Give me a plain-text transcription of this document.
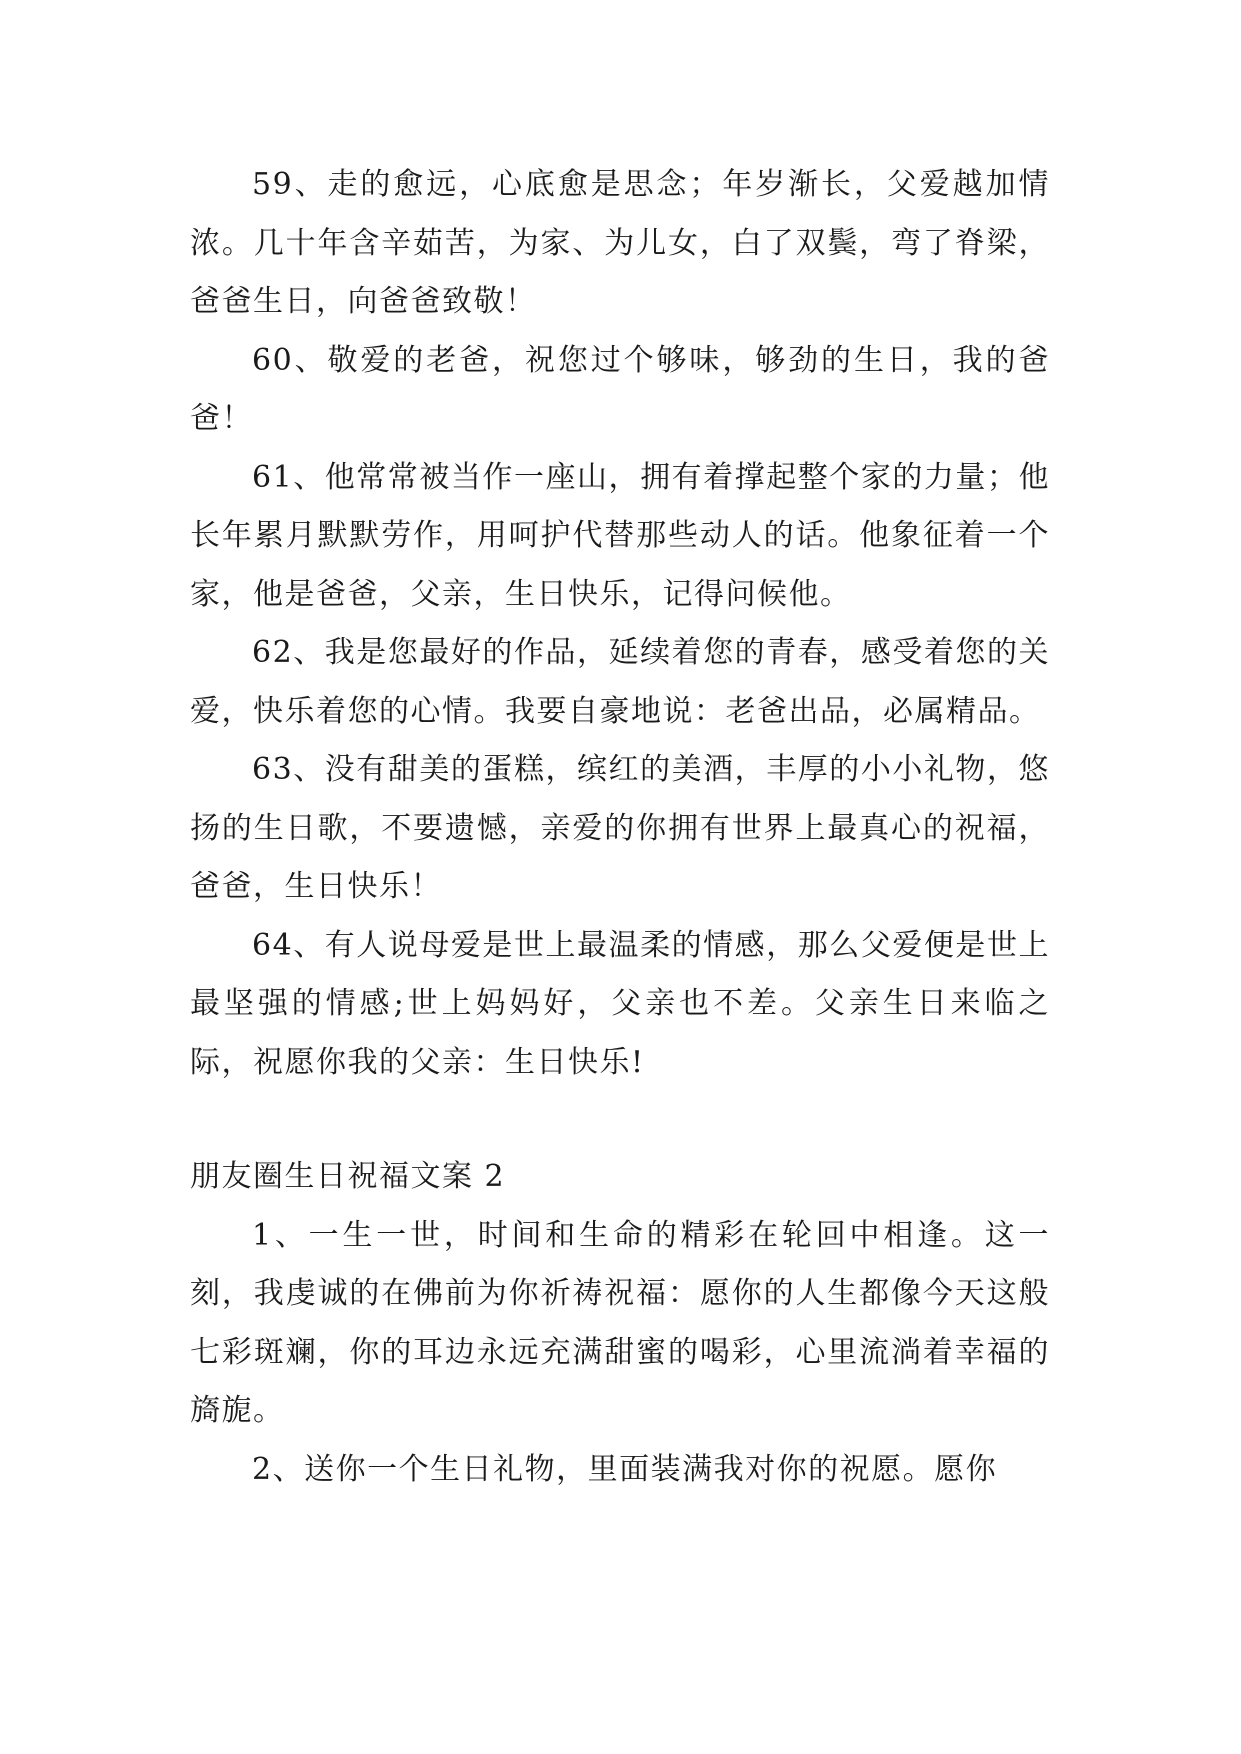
59、走的愈远，心底愈是思念；年岁渐长，父爱越加情浓。几十年含辛茹苦，为家、为儿女，白了双鬓，弯了脊梁，爸爸生日，向爸爸致敬！

60、敬爱的老爸，祝您过个够味，够劲的生日，我的爸爸！

61、他常常被当作一座山，拥有着撑起整个家的力量；他长年累月默默劳作，用呵护代替那些动人的话。他象征着一个家，他是爸爸，父亲，生日快乐，记得问候他。

62、我是您最好的作品，延续着您的青春，感受着您的关爱，快乐着您的心情。我要自豪地说：老爸出品，必属精品。

63、没有甜美的蛋糕，缤红的美酒，丰厚的小小礼物，悠扬的生日歌，不要遗憾，亲爱的你拥有世界上最真心的祝福，爸爸，生日快乐！

64、有人说母爱是世上最温柔的情感，那么父爱便是世上最坚强的情感;世上妈妈好，父亲也不差。父亲生日来临之际，祝愿你我的父亲：生日快乐!

朋友圈生日祝福文案 2

1、一生一世，时间和生命的精彩在轮回中相逢。这一刻，我虔诚的在佛前为你祈祷祝福：愿你的人生都像今天这般七彩斑斓，你的耳边永远充满甜蜜的喝彩，心里流淌着幸福的旖旎。

2、送你一个生日礼物，里面装满我对你的祝愿。愿你
